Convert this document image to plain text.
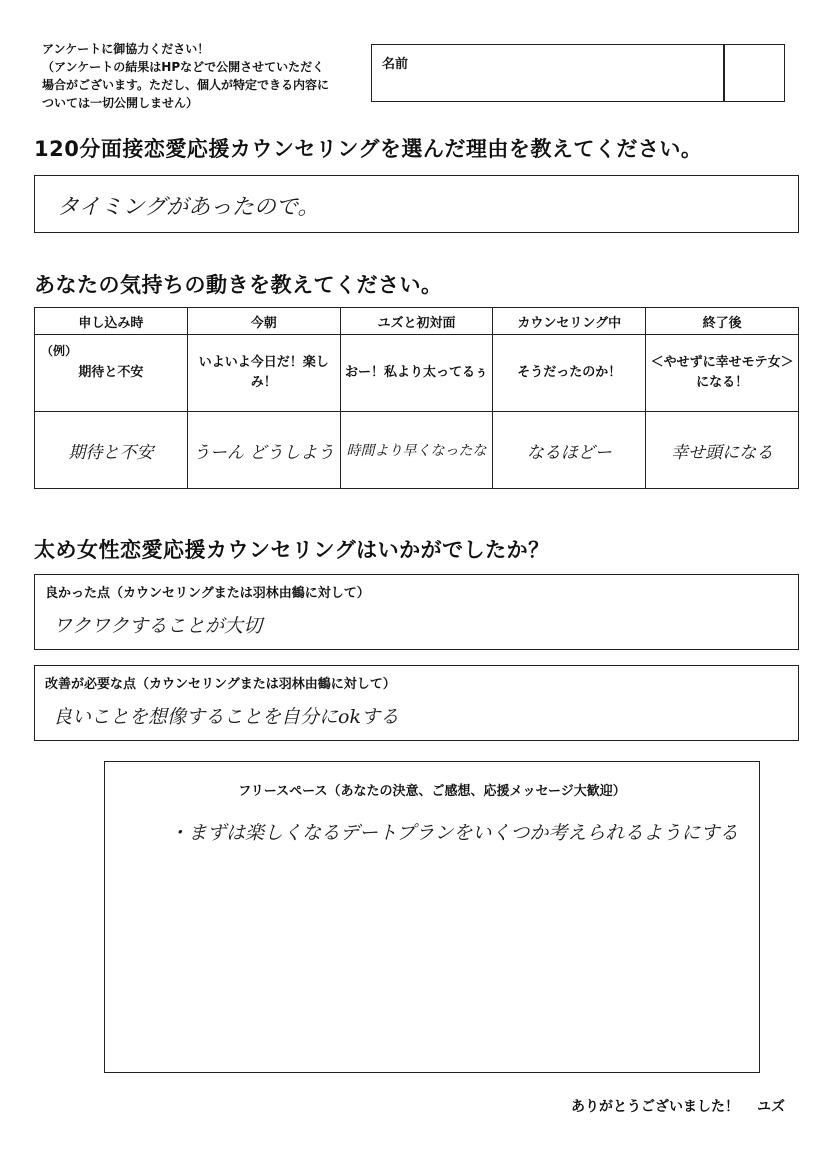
アンケートに御協力ください！
（アンケートの結果はHPなどで公開させていただく
場合がございます。ただし、個人が特定できる内容に
ついては一切公開しません）
名前
120分面接恋愛応援カウンセリングを選んだ理由を教えてください。
タイミングがあったので。
あなたの気持ちの動きを教えてください。
申し込み時	今朝	ユズと初対面	カウンセリング中	終了後

（例）
期待と不安	いよいよ今日だ！楽しみ！	おー！私より太ってるぅ	そうだったのか！	＜やせずに幸せモテ女＞になる！

期待と不安	うーん どうしよう	時間より早くなったな	なるほどー	幸せ頭になる
太め女性恋愛応援カウンセリングはいかがでしたか？
良かった点（カウンセリングまたは羽林由鶴に対して）
ワクワクすることが大切
改善が必要な点（カウンセリングまたは羽林由鶴に対して）
良いことを想像することを自分にokする
フリースペース（あなたの決意、ご感想、応援メッセージ大歓迎）
・まずは楽しくなるデートプランをいくつか考えられるようにする
ありがとうございました！ ユズ
